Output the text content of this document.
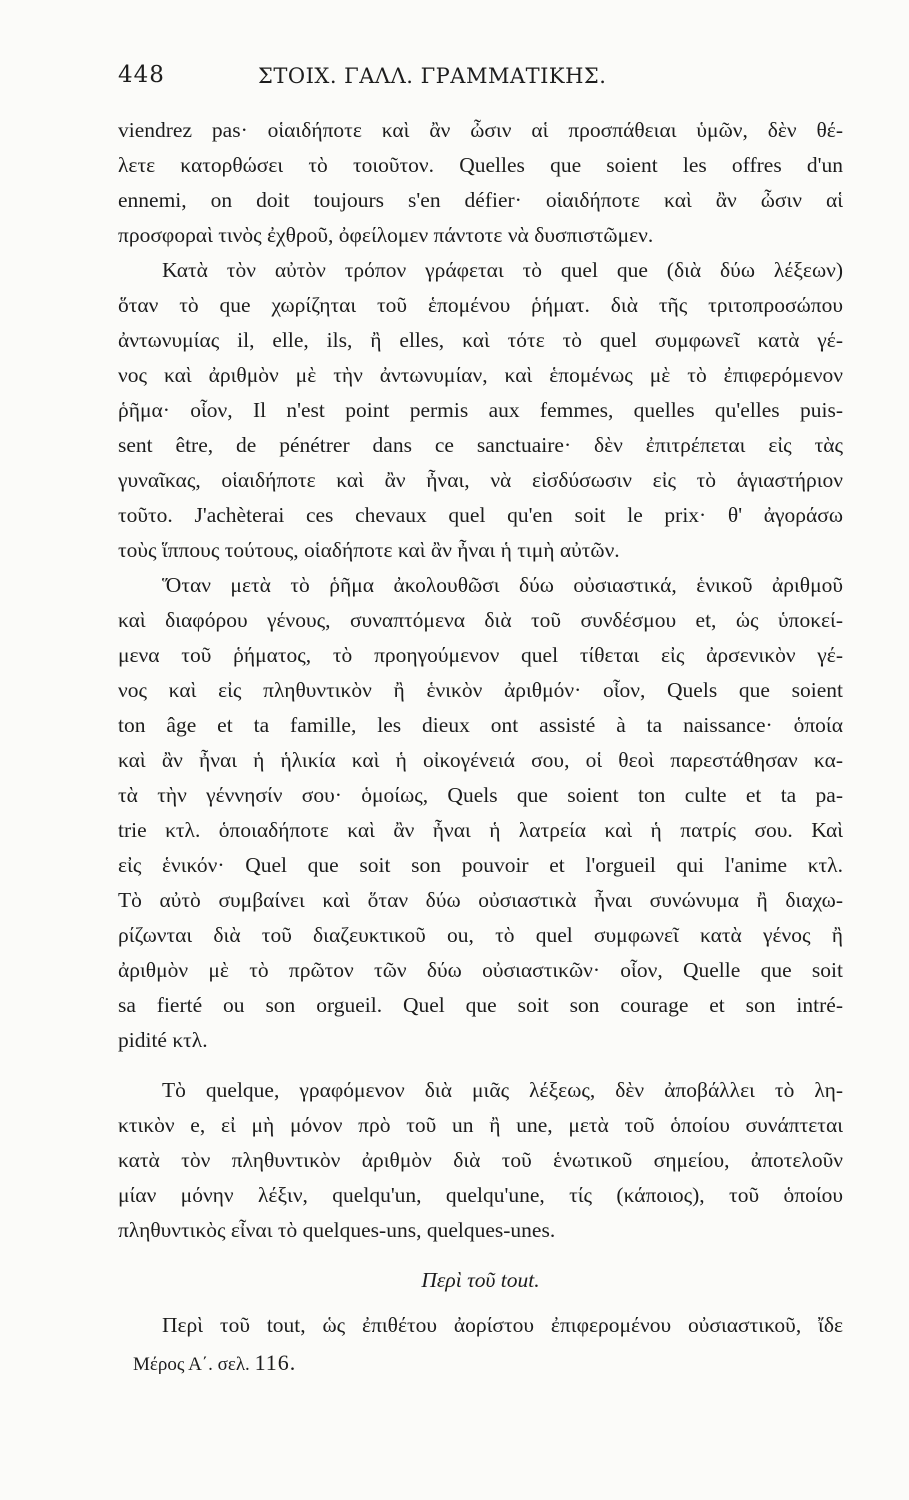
448	ΣΤΟΙΧ. ΓΑΛΛ. ΓΡΑΜΜΑΤΙΚΗΣ.
viendrez pas· οἱαιδήποτε καὶ ἂν ὦσιν αἱ προσπάθειαι ὑμῶν, δὲν θέ-
λετε κατορθώσει τὸ τοιοῦτον. Quelles que soient les offres d'un
ennemi, on doit toujours s'en défier· οἱαιδήποτε καὶ ἂν ὦσιν αἱ
προσφοραὶ τινὸς ἐχθροῦ, ὀφείλομεν πάντοτε νὰ δυσπιστῶμεν.
Κατὰ τὸν αὐτὸν τρόπον γράφεται τὸ quel que (διὰ δύω λέξεων)
ὅταν τὸ que χωρίζηται τοῦ ἑπομένου ῥήματ. διὰ τῆς τριτοπροσώπου
ἀντωνυμίας il, elle, ils, ἢ elles, καὶ τότε τὸ quel συμφωνεῖ κατὰ γέ-
νος καὶ ἀριθμὸν μὲ τὴν ἀντωνυμίαν, καὶ ἑπομένως μὲ τὸ ἐπιφερόμενον
ῥῆμα· οἷον, Il n'est point permis aux femmes, quelles qu'elles puis-
sent être, de pénétrer dans ce sanctuaire· δὲν ἐπιτρέπεται εἰς τὰς
γυναῖκας, οἱαιδήποτε καὶ ἂν ἦναι, νὰ εἰσδύσωσιν εἰς τὸ ἁγιαστήριον
τοῦτο. J'achèterai ces chevaux quel qu'en soit le prix· θ' ἀγοράσω
τοὺς ἵππους τούτους, οἱαδήποτε καὶ ἂν ἦναι ἡ τιμὴ αὐτῶν.
Ὅταν μετὰ τὸ ῥῆμα ἀκολουθῶσι δύω οὐσιαστικά, ἑνικοῦ ἀριθμοῦ
καὶ διαφόρου γένους, συναπτόμενα διὰ τοῦ συνδέσμου et, ὡς ὑποκεί-
μενα τοῦ ῥήματος, τὸ προηγούμενον quel τίθεται εἰς ἀρσενικὸν γέ-
νος καὶ εἰς πληθυντικὸν ἢ ἑνικὸν ἀριθμόν· οἷον, Quels que soient
ton âge et ta famille, les dieux ont assisté à ta naissance· ὁποία
καὶ ἂν ἦναι ἡ ἡλικία καὶ ἡ οἰκογένειά σου, οἱ θεοὶ παρεστάθησαν κα-
τὰ τὴν γέννησίν σου· ὁμοίως, Quels que soient ton culte et ta pa-
trie κτλ. ὁποιαδήποτε καὶ ἂν ἦναι ἡ λατρεία καὶ ἡ πατρίς σου. Καὶ
εἰς ἑνικόν· Quel que soit son pouvoir et l'orgueil qui l'anime κτλ.
Τὸ αὐτὸ συμβαίνει καὶ ὅταν δύω οὐσιαστικὰ ἦναι συνώνυμα ἢ διαχω-
ρίζωνται διὰ τοῦ διαζευκτικοῦ ou, τὸ quel συμφωνεῖ κατὰ γένος ἢ
ἀριθμὸν μὲ τὸ πρῶτον τῶν δύω οὐσιαστικῶν· οἷον, Quelle que soit
sa fierté ou son orgueil. Quel que soit son courage et son intré-
pidité κτλ.
Τὸ quelque, γραφόμενον διὰ μιᾶς λέξεως, δὲν ἀποβάλλει τὸ λη-
κτικὸν e, εἰ μὴ μόνον πρὸ τοῦ un ἢ une, μετὰ τοῦ ὁποίου συνάπτεται
κατὰ τὸν πληθυντικὸν ἀριθμὸν διὰ τοῦ ἑνωτικοῦ σημείου, ἀποτελοῦν
μίαν μόνην λέξιν, quelqu'un, quelqu'une, τίς (κάποιος), τοῦ ὁποίου
πληθυντικὸς εἶναι τὸ quelques-uns, quelques-unes.
Περὶ τοῦ tout.
Περὶ τοῦ tout, ὡς ἐπιθέτου ἀορίστου ἐπιφερομένου οὐσιαστικοῦ, ἴδε
Μέρος Α΄. σελ. 116.
